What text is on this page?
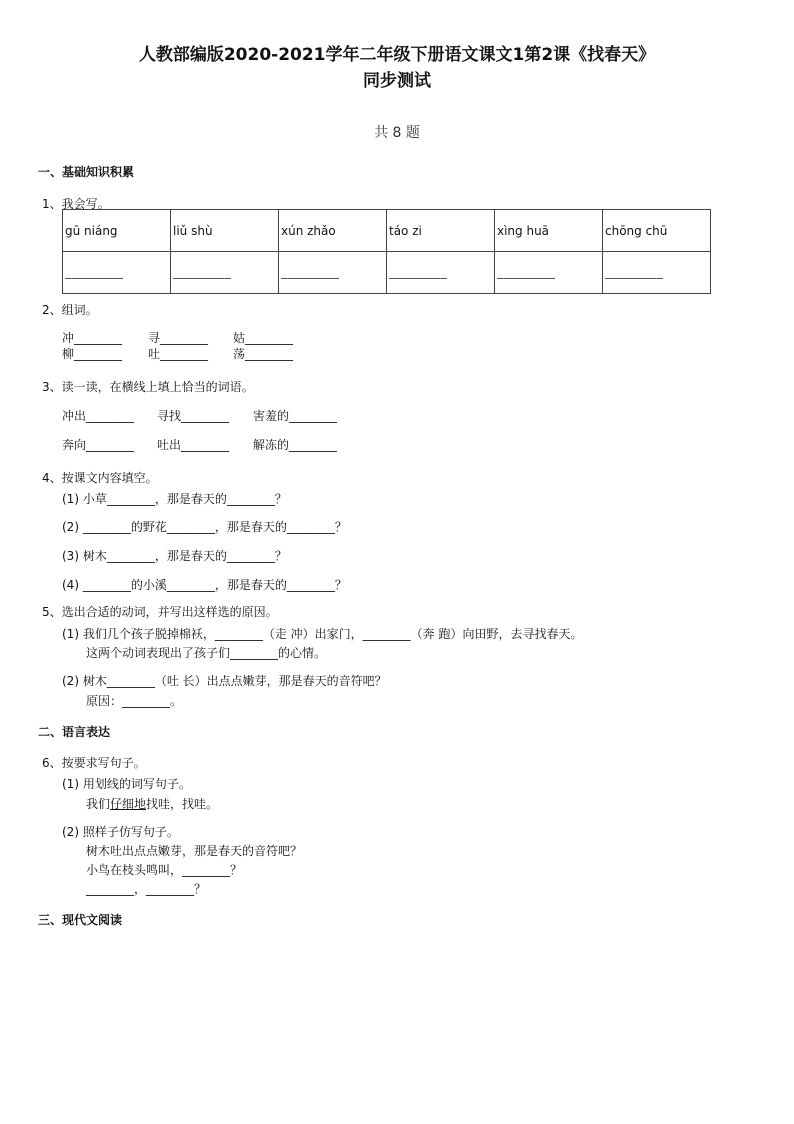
人教部编版2020-2021学年二年级下册语文课文1第2课《找春天》
同步测试
共 8 题
一、基础知识积累
1、我会写。
gū niáng	liǔ shù	xún zhǎo	táo zi	xìng huā	chōng chū

2、组词。
冲________ 寻________ 姑________
柳________ 吐________ 荡________
3、读一读，在横线上填上恰当的词语。
冲出________ 寻找________ 害羞的________
奔向________ 吐出________ 解冻的________
4、按课文内容填空。
(1) 小草________，那是春天的________？
(2) ________的野花________，那是春天的________？
(3) 树木________，那是春天的________？
(4) ________的小溪________，那是春天的________？
5、选出合适的动词，并写出这样选的原因。
(1) 我们几个孩子脱掉棉袄，________（走 冲）出家门，________（奔 跑）向田野，去寻找春天。
这两个动词表现出了孩子们________的心情。
(2) 树木________（吐 长）出点点嫩芽，那是春天的音符吧？
原因：________。
二、语言表达
6、按要求写句子。
(1) 用划线的词写句子。
我们仔细地找哇，找哇。
(2) 照样子仿写句子。
树木吐出点点嫩芽，那是春天的音符吧？
小鸟在枝头鸣叫，________？
________，________？
三、现代文阅读
